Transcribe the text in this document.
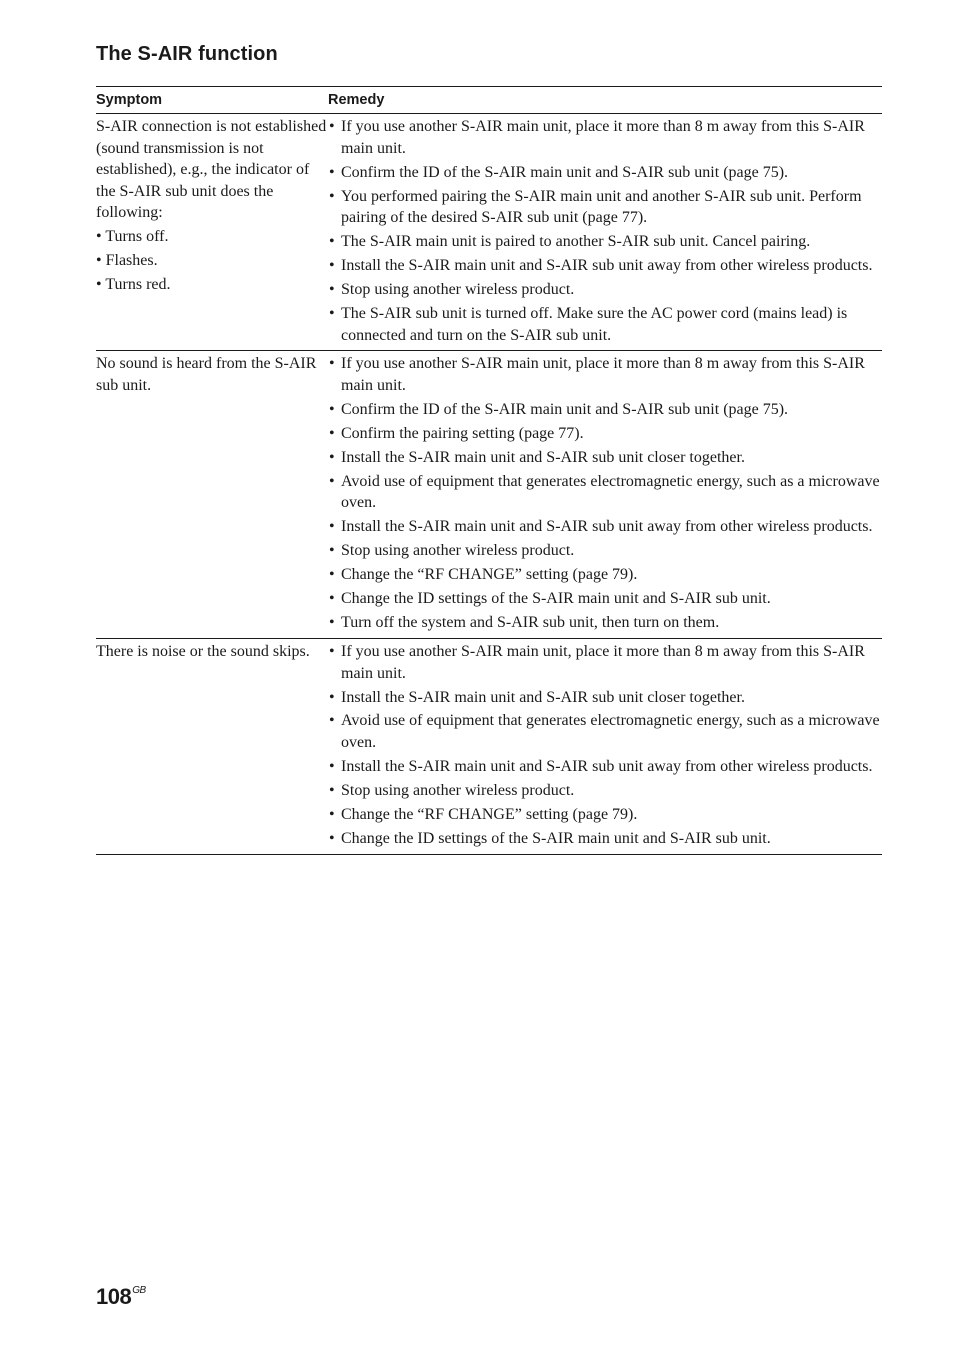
The S-AIR function
Symptom	Remedy
S-AIR connection is not established (sound transmission is not established), e.g., the indicator of the S-AIR sub unit does the following:
• Turns off.
• Flashes.
• Turns red.
• If you use another S-AIR main unit, place it more than 8 m away from this S-AIR main unit.
• Confirm the ID of the S-AIR main unit and S-AIR sub unit (page 75).
• You performed pairing the S-AIR main unit and another S-AIR sub unit. Perform pairing of the desired S-AIR sub unit (page 77).
• The S-AIR main unit is paired to another S-AIR sub unit. Cancel pairing.
• Install the S-AIR main unit and S-AIR sub unit away from other wireless products.
• Stop using another wireless product.
• The S-AIR sub unit is turned off. Make sure the AC power cord (mains lead) is connected and turn on the S-AIR sub unit.
No sound is heard from the S-AIR sub unit.
• If you use another S-AIR main unit, place it more than 8 m away from this S-AIR main unit.
• Confirm the ID of the S-AIR main unit and S-AIR sub unit (page 75).
• Confirm the pairing setting (page 77).
• Install the S-AIR main unit and S-AIR sub unit closer together.
• Avoid use of equipment that generates electromagnetic energy, such as a microwave oven.
• Install the S-AIR main unit and S-AIR sub unit away from other wireless products.
• Stop using another wireless product.
• Change the “RF CHANGE” setting (page 79).
• Change the ID settings of the S-AIR main unit and S-AIR sub unit.
• Turn off the system and S-AIR sub unit, then turn on them.
There is noise or the sound skips.
•	If you use another S-AIR main unit, place it more than 8 m away from this S-AIR main unit.
• Install the S-AIR main unit and S-AIR sub unit closer together.
• Avoid use of equipment that generates electromagnetic energy, such as a microwave oven.
• Install the S-AIR main unit and S-AIR sub unit away from other wireless products.
• Stop using another wireless product.
• Change the “RF CHANGE” setting (page 79).
• Change the ID settings of the S-AIR main unit and S-AIR sub unit.
$108^{GB}$
